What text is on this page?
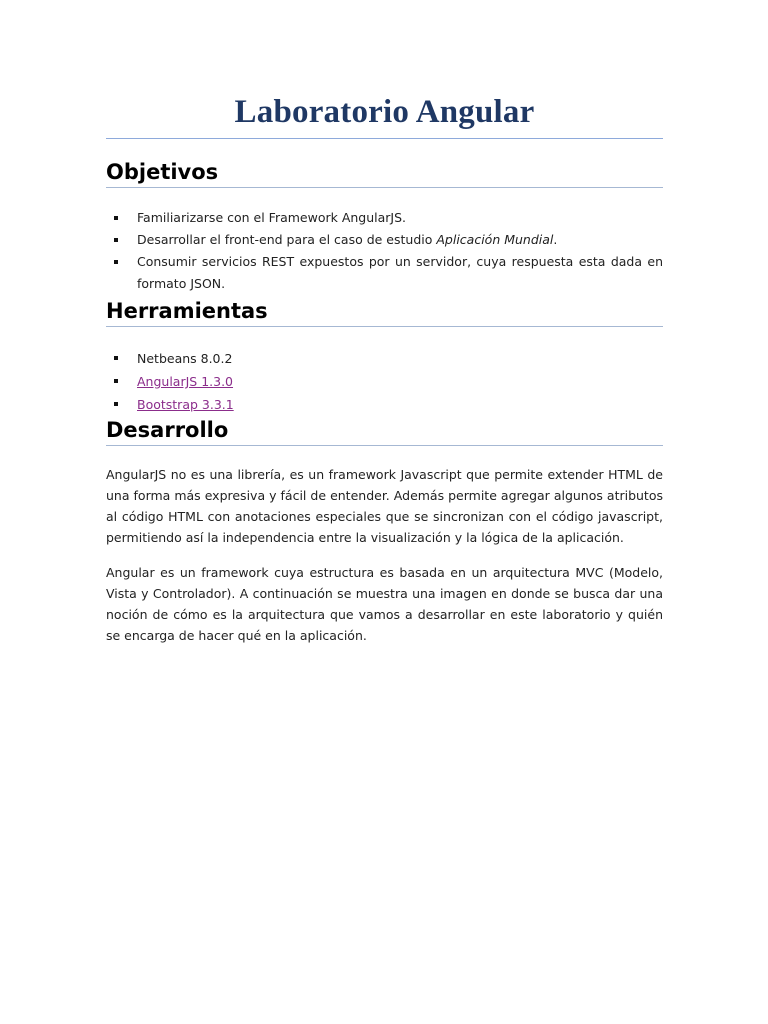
Laboratorio Angular
Objetivos
Familiarizarse con el Framework AngularJS.
Desarrollar el front-end para el caso de estudio Aplicación Mundial.
Consumir servicios REST expuestos por un servidor, cuya respuesta esta dada en formato JSON.
Herramientas
Netbeans 8.0.2
AngularJS 1.3.0
Bootstrap 3.3.1
Desarrollo

AngularJS no es una librería, es un framework Javascript que permite extender HTML de una forma más expresiva y fácil de entender. Además permite agregar algunos atributos al código HTML con anotaciones especiales que se sincronizan con el código javascript, permitiendo así la independencia entre la visualización y la lógica de la aplicación.

Angular es un framework cuya estructura es basada en un arquitectura MVC (Modelo, Vista y Controlador). A continuación se muestra una imagen en donde se busca dar una noción de cómo es la arquitectura que vamos a desarrollar en este laboratorio y quién se encarga de hacer qué en la aplicación.
